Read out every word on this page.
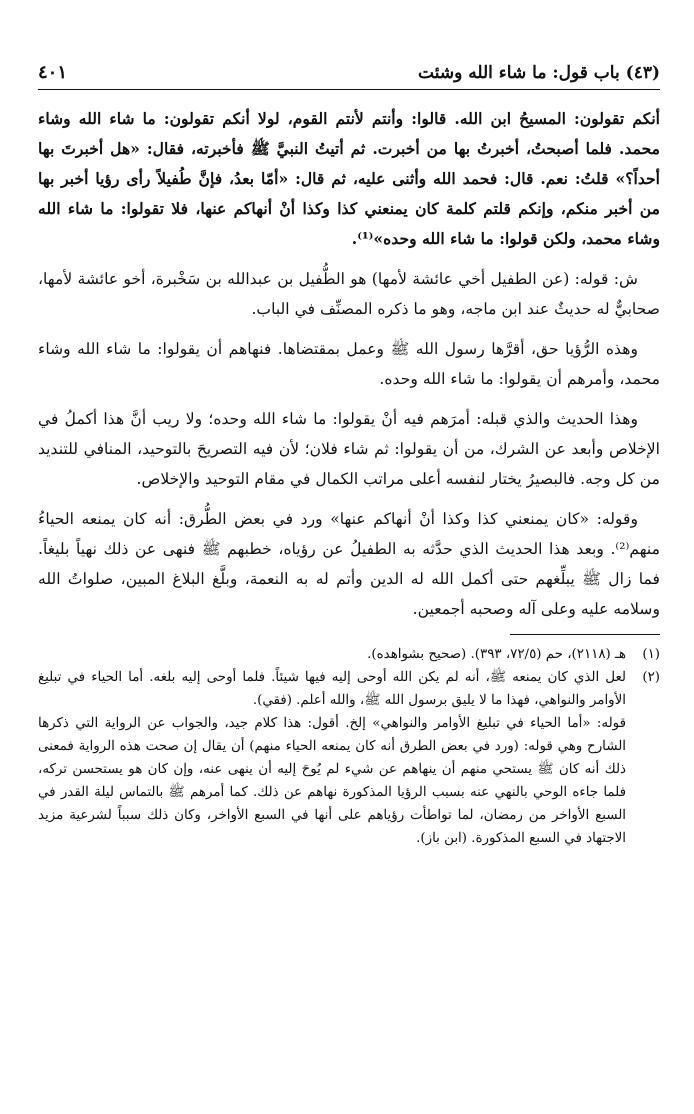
(٤٣) باب قول: ما شاء الله وشئت
٤٠١

أنكم تقولون: المسيحُ ابن الله. قالوا: وأنتم لأنتم القوم، لولا أنكم تقولون: ما شاء الله وشاء محمد. فلما أصبحتُ، أخبرتُ بها من أخبرت. ثم أتيتُ النبيَّ ﷺ فأخبرته، فقال: «هل أخبرتَ بها أحداً؟» قلتُ: نعم. قال: فحمد الله وأثنى عليه، ثم قال: «أمّا بعدُ، فإنَّ طُفيلاً رأى رؤيا أخبر بها من أخبر منكم، وإنكم قلتم كلمة كان يمنعني كذا وكذا أنْ أنهاكم عنها، فلا تقولوا: ما شاء الله وشاء محمد، ولكن قولوا: ما شاء الله وحده»⁽¹⁾.

ش: قوله: (عن الطفيل أخي عائشة لأمها) هو الطُّفيل بن عبدالله بن سَخْبرة، أخو عائشة لأمها، صحابيٌّ له حديثٌ عند ابن ماجه، وهو ما ذكره المصنِّف في الباب.

وهذه الرُّؤيا حق، أقرَّها رسول الله ﷺ وعمل بمقتضاها. فنهاهم أن يقولوا: ما شاء الله وشاء محمد، وأمرهم أن يقولوا: ما شاء الله وحده.

وهذا الحديث والذي قبله: أمرَهم فيه أنْ يقولوا: ما شاء الله وحده؛ ولا ريب أنَّ هذا أكملُ في الإخلاص وأبعد عن الشرك، من أن يقولوا: ثم شاء فلان؛ لأن فيه التصريحَ بالتوحيد، المنافي للتنديد من كل وجه. فالبصيرُ يختار لنفسه أعلى مراتب الكمال في مقام التوحيد والإخلاص.

وقوله: «كان يمنعني كذا وكذا أنْ أنهاكم عنها» ورد في بعض الطُّرق: أنه كان يمنعه الحياءُ منهم⁽²⁾. وبعد هذا الحديث الذي حدَّثه به الطفيلُ عن رؤياه، خطبهم ﷺ فنهى عن ذلك نهياً بليغاً. فما زال ﷺ يبلِّغهم حتى أكمل الله له الدين وأتم له به النعمة، وبلَّغ البلاغ المبين، صلواتُ الله وسلامه عليه وعلى آله وصحبه أجمعين.

(١)

هـ (٢١١٨)، حم (٧٢/٥، ٣٩٣). (صحيح بشواهده).

(٢)

لعل الذي كان يمنعه ﷺ، أنه لم يكن الله أوحى إليه فيها شيئاً. فلما أوحى إليه بلغه. أما الحياء في تبليغ الأوامر والنواهي، فهذا ما لا يليق برسول الله ﷺ، والله أعلم. (فقي).

قوله: «أما الحياء في تبليغ الأوامر والنواهي» إلخ. أقول: هذا كلام جيد، والجواب عن الرواية التي ذكرها الشارح وهي قوله: (ورد في بعض الطرق أنه كان يمنعه الحياء منهم) أن يقال إن صحت هذه الرواية فمعنى ذلك أنه كان ﷺ يستحي منهم أن ينهاهم عن شيء لم يُوحَ إليه أن ينهى عنه، وإن كان هو يستحسن تركه، فلما جاءه الوحي بالنهي عنه بسبب الرؤيا المذكورة نهاهم عن ذلك. كما أمرهم ﷺ بالتماس ليلة القدر في السبع الأواخر من رمضان، لما تواطأت رؤياهم على أنها في السبع الأواخر، وكان ذلك سبباً لشرعية مزيد الاجتهاد في السبع المذكورة. (ابن باز).
